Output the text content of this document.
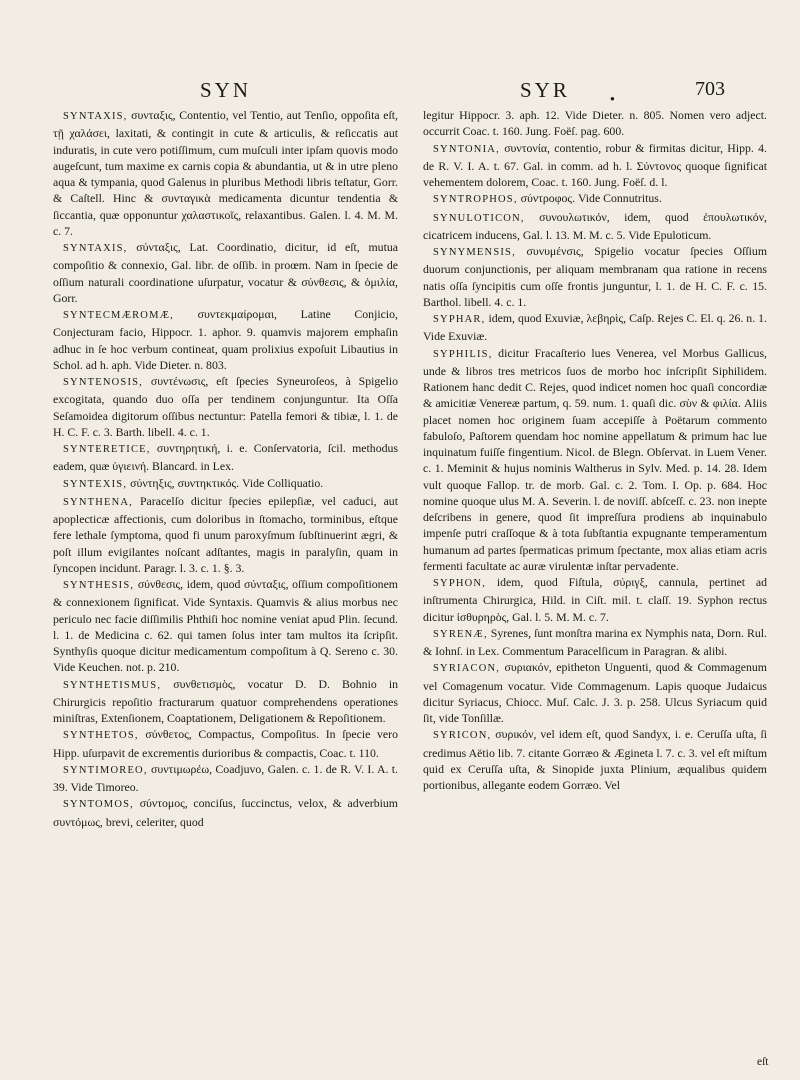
SYN	SYR	703
●

SYNTAXIS, συνταξις, Contentio, vel Tentio, aut Tenſio, oppoſita eſt, τῇ χαλάσει, laxitati, & contingit in cute & articulis, & reſiccatis aut induratis, in cute vero potiſſimum, cum muſculi inter ipſam quovis modo augeſcunt, tum maxime ex carnis copia & abundantia, ut & in utre pleno aqua & tympania, quod Galenus in pluribus Methodi libris teſtatur, Gorr. & Caſtell. Hinc & συνταγικὰ medicamenta dicuntur tendentia & ſiccantia, quæ opponuntur χαλαστικοῖς, relaxantibus. Galen. l. 4. M. M. c. 7.

SYNTAXIS, σύνταξις, Lat. Coordinatio, dicitur, id eſt, mutua compoſitio & connexio, Gal. libr. de oſſib. in proœm. Nam in ſpecie de oſſium naturali coordinatione uſurpatur, vocatur & σύνθεσις, & ὁμιλία, Gorr.

SYNTECMÆROMÆ, συντεκμαίρομαι, Latine Conjicio, Conjecturam facio, Hippocr. 1. aphor. 9. quamvis majorem emphaſin adhuc in ſe hoc verbum contineat, quam prolixius expoſuit Libautius in Schol. ad h. aph. Vide Dieter. n. 803.

SYNTENOSIS, συντένωσις, eſt ſpecies Syneuroſeos, à Spigelio excogitata, quando duo oſſa per tendinem conjunguntur. Ita Oſſa Seſamoidea digitorum oſſibus nectuntur: Patella femori & tibiæ, l. 1. de H. C. F. c. 3. Barth. libell. 4. c. 1.

SYNTERETICE, συντηρητική, i. e. Conſervatoria, ſcil. methodus eadem, quæ ὑγιεινή. Blancard. in Lex.

SYNTEXIS, σύντηξις, συντηκτικός. Vide Colliquatio.

SYNTHENA, Paracelſo dicitur ſpecies epilepſiæ, vel caduci, aut apoplecticæ affectionis, cum doloribus in ſtomacho, torminibus, eſtque fere lethale ſymptoma, quod fi unum paroxyſmum ſubſtinuerint ægri, & poſt illum evigilantes noſcant adſtantes, magis in paralyſin, quam in ſyncopen incidunt. Paragr. l. 3. c. 1. §. 3.

SYNTHESIS, σύνθεσις, idem, quod σύνταξις, oſſium compoſitionem & connexionem ſignificat. Vide Syntaxis. Quamvis & alius morbus nec periculo nec facie diſſimilis Phthiſi hoc nomine veniat apud Plin. ſecund. l. 1. de Medicina c. 62. qui tamen ſolus inter tam multos ita ſcripſit. Synthyſis quoque dicitur medicamentum compoſitum à Q. Sereno c. 30. Vide Keuchen. not. p. 210.

SYNTHETISMUS, συνθετισμὸς, vocatur D. D. Bohnio in Chirurgicis repoſitio fracturarum quatuor comprehendens operationes miniſtras, Extenſionem, Coaptationem, Deligationem & Repoſitionem.

SYNTHETOS, σύνθετος, Compactus, Compoſitus. In ſpecie vero Hipp. uſurpavit de excrementis durioribus & compactis, Coac. t. 110.

SYNTIMOREO, συντιμωρέω, Coadjuvo, Galen. c. 1. de R. V. I. A. t. 39. Vide Timoreo.

SYNTOMOS, σύντομος, conciſus, ſuccinctus, velox, & adverbium συντόμως, brevi, celeriter, quod

legitur Hippocr. 3. aph. 12. Vide Dieter. n. 805. Nomen vero adject. occurrit Coac. t. 160. Jung. Foëſ. pag. 600.

SYNTONIA, συντονία, contentio, robur & firmitas dicitur, Hipp. 4. de R. V. I. A. t. 67. Gal. in comm. ad h. l. Σύντονος quoque ſignificat vehementem dolorem, Coac. t. 160. Jung. Foëſ. d. l.

SYNTROPHOS, σύντροφος. Vide Connutritus.

SYNULOTICON, συνουλωτικόν, idem, quod ἐπουλωτικόν, cicatricem inducens, Gal. l. 13. M. M. c. 5. Vide Epuloticum.

SYNYMENSIS, συνυμένσις, Spigelio vocatur ſpecies Oſſium duorum conjunctionis, per aliquam membranam qua ratione in recens natis oſſa ſyncipitis cum oſſe frontis junguntur, l. 1. de H. C. F. c. 15. Barthol. libell. 4. c. 1.

SYPHAR, idem, quod Exuviæ, λεβηρὶς, Caſp. Rejes C. El. q. 26. n. 1. Vide Exuviæ.

SYPHILIS, dicitur Fracaſterio lues Venerea, vel Morbus Gallicus, unde & libros tres metricos ſuos de morbo hoc inſcripſit Siphilidem. Rationem hanc dedit C. Rejes, quod indicet nomen hoc quaſi concordiæ & amicitiæ Venereæ partum, q. 59. num. 1. quaſi dic. σὺν & φιλία. Aliis placet nomen hoc originem ſuam accepiſſe à Poëtarum commento fabuloſo, Paſtorem quendam hoc nomine appellatum & primum hac lue inquinatum fuiſſe fingentium. Nicol. de Blegn. Obſervat. in Luem Vener. c. 1. Meminit & hujus nominis Waltherus in Sylv. Med. p. 14. 28. Idem vult quoque Fallop. tr. de morb. Gal. c. 2. Tom. I. Op. p. 684. Hoc nomine quoque ulus M. A. Severin. l. de noviſſ. abſceſſ. c. 23. non inepte deſcribens in genere, quod ſit impreſſura prodiens ab inquinabulo impenſe putri craſſoque & à tota ſubſtantia expugnante temperamentum humanum ad partes ſpermaticas primum ſpectante, mox alias etiam acris fermenti facultate ac auræ virulentæ inſtar pervadente.

SYPHON, idem, quod Fiſtula, σύριγξ, cannula, pertinet ad inſtrumenta Chirurgica, Hild. in Ciſt. mil. t. claſſ. 19. Syphon rectus dicitur ἰσθυρηρὸς, Gal. l. 5. M. M. c. 7.

SYRENÆ, Syrenes, ſunt monſtra marina ex Nymphis nata, Dorn. Rul. & Iohnſ. in Lex. Commentum Paracelſicum in Paragran. & alibi.

SYRIACON, συριακόν, epitheton Unguenti, quod & Commagenum vel Comagenum vocatur. Vide Commagenum. Lapis quoque Judaicus dicitur Syriacus, Chiocc. Muſ. Calc. J. 3. p. 258. Ulcus Syriacum quid ſit, vide Tonſillæ.

SYRICON, συρικόν, vel idem eſt, quod Sandyx, i. e. Ceruſſa uſta, ſi credimus Aëtio lib. 7. citante Gorræo & Ægineta l. 7. c. 3. vel eſt miſtum quid ex Ceruſſa uſta, & Sinopide juxta Plinium, æqualibus quidem portionibus, allegante eodem Gorræo. Vel

eſt
